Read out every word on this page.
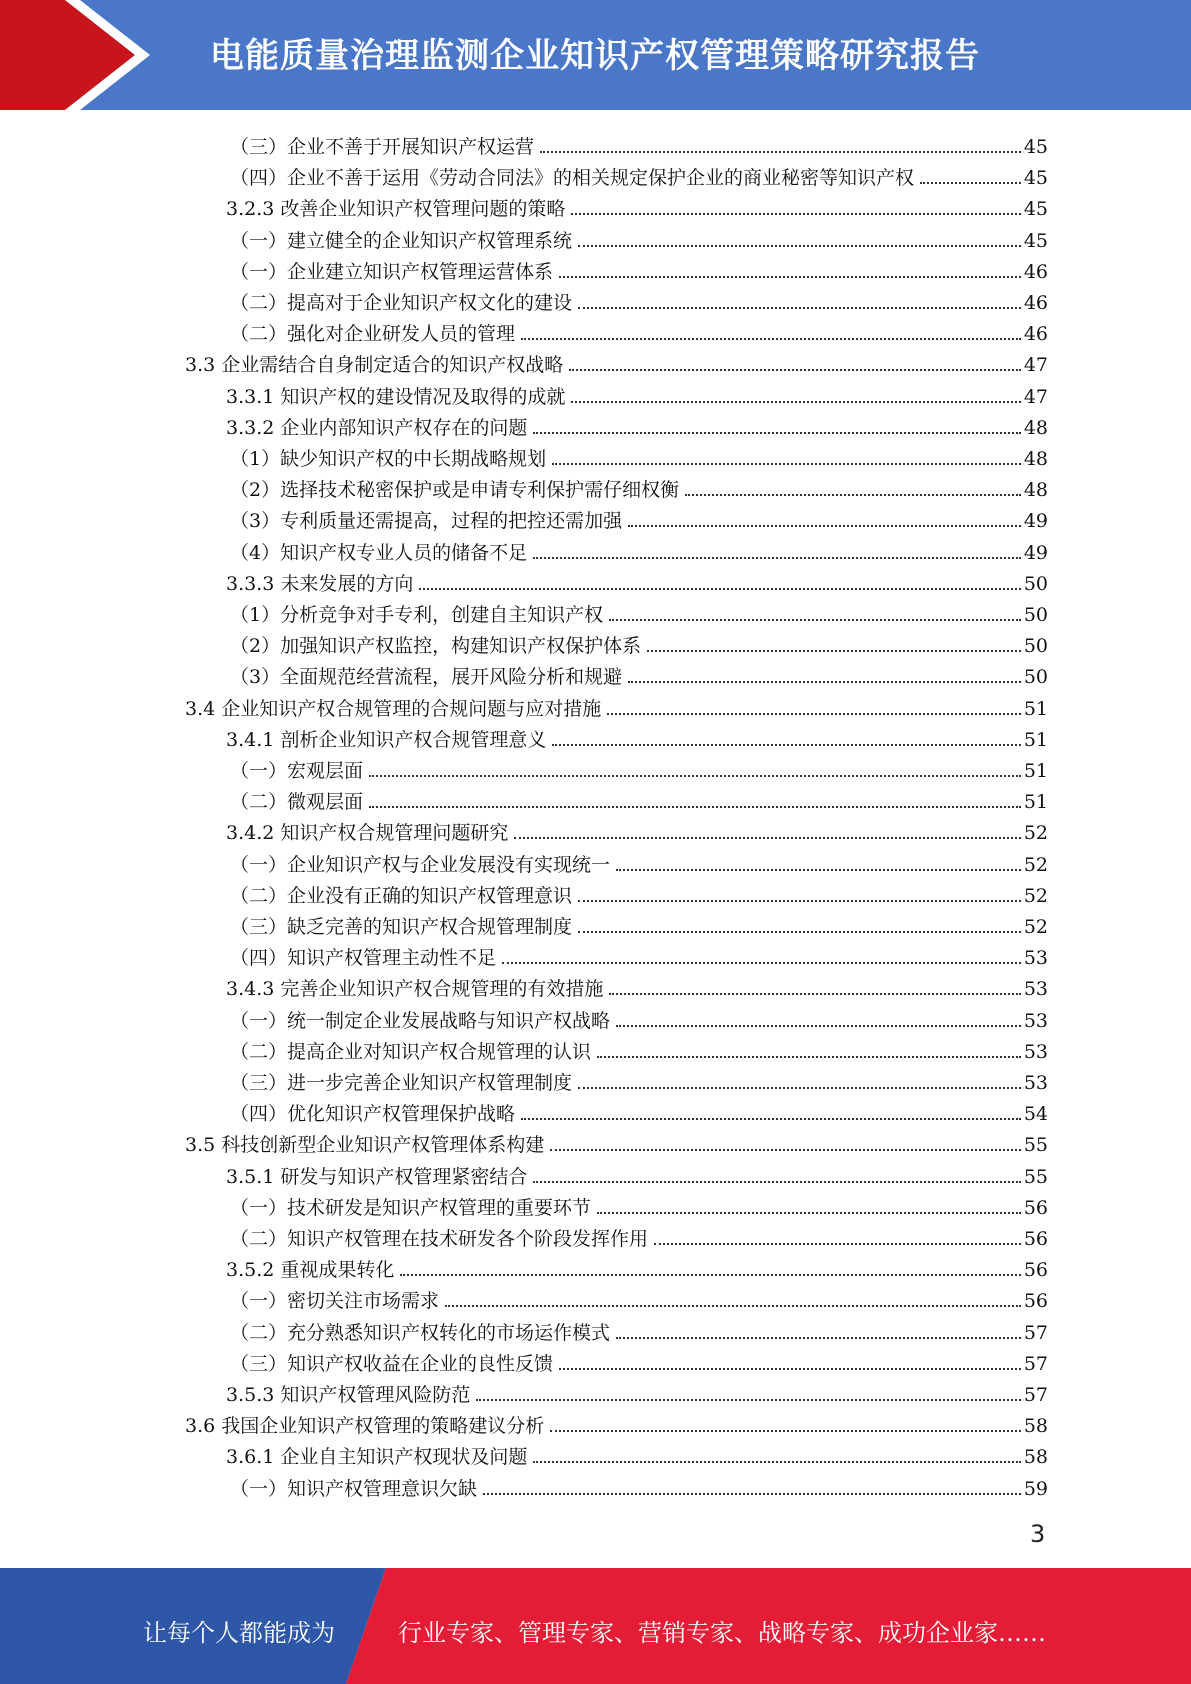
电能质量治理监测企业知识产权管理策略研究报告
（三）企业不善于开展知识产权运营	45
（四）企业不善于运用《劳动合同法》的相关规定保护企业的商业秘密等知识产权	45
3.2.3 改善企业知识产权管理问题的策略	45
（一）建立健全的企业知识产权管理系统	45
（一）企业建立知识产权管理运营体系	46
（二）提高对于企业知识产权文化的建设	46
（二）强化对企业研发人员的管理	46
3.3 企业需结合自身制定适合的知识产权战略	47
3.3.1 知识产权的建设情况及取得的成就	47
3.3.2 企业内部知识产权存在的问题	48
（1）缺少知识产权的中长期战略规划	48
（2）选择技术秘密保护或是申请专利保护需仔细权衡	48
（3）专利质量还需提高，过程的把控还需加强	49
（4）知识产权专业人员的储备不足	49
3.3.3 未来发展的方向	50
（1）分析竞争对手专利，创建自主知识产权	50
（2）加强知识产权监控，构建知识产权保护体系	50
（3）全面规范经营流程，展开风险分析和规避	50
3.4 企业知识产权合规管理的合规问题与应对措施	51
3.4.1 剖析企业知识产权合规管理意义	51
（一）宏观层面	51
（二）微观层面	51
3.4.2 知识产权合规管理问题研究	52
（一）企业知识产权与企业发展没有实现统一	52
（二）企业没有正确的知识产权管理意识	52
（三）缺乏完善的知识产权合规管理制度	52
（四）知识产权管理主动性不足	53
3.4.3 完善企业知识产权合规管理的有效措施	53
（一）统一制定企业发展战略与知识产权战略	53
（二）提高企业对知识产权合规管理的认识	53
（三）进一步完善企业知识产权管理制度	53
（四）优化知识产权管理保护战略	54
3.5 科技创新型企业知识产权管理体系构建	55
3.5.1 研发与知识产权管理紧密结合	55
（一）技术研发是知识产权管理的重要环节	56
（二）知识产权管理在技术研发各个阶段发挥作用	56
3.5.2 重视成果转化	56
（一）密切关注市场需求	56
（二）充分熟悉知识产权转化的市场运作模式	57
（三）知识产权收益在企业的良性反馈	57
3.5.3 知识产权管理风险防范	57
3.6 我国企业知识产权管理的策略建议分析	58
3.6.1 企业自主知识产权现状及问题	58
（一）知识产权管理意识欠缺	59
3
让每个人都能成为	行业专家、管理专家、营销专家、战略专家、成功企业家……
